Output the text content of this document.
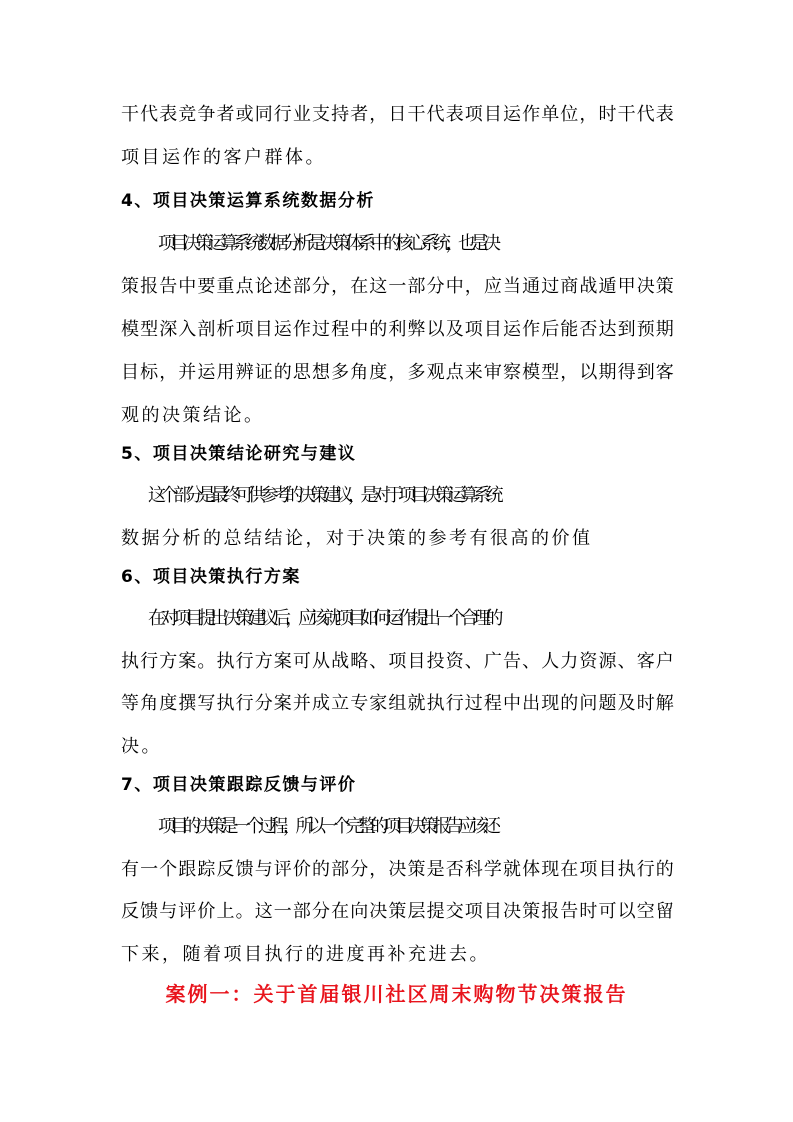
干代表竞争者或同行业支持者，日干代表项目运作单位，时干代表
项目运作的客户群体。
4、项目决策运算系统数据分析
项目决策运算系统数据分析是决策体系中的核心系统，也是决
策报告中要重点论述部分，在这一部分中，应当通过商战遁甲决策
模型深入剖析项目运作过程中的利弊以及项目运作后能否达到预期
目标，并运用辨证的思想多角度，多观点来审察模型，以期得到客
观的决策结论。
5、项目决策结论研究与建议
这个部分是最终可供参考的决策建议，是对于项目决策运算系统
数据分析的总结结论，对于决策的参考有很高的价值
6、项目决策执行方案
在对项目提出决策建议后，应该就项目如何运作提出一个合理的
执行方案。执行方案可从战略、项目投资、广告、人力资源、客户
等角度撰写执行分案并成立专家组就执行过程中出现的问题及时解
决。
7、项目决策跟踪反馈与评价
项目的决策是一个过程，所以一个完整的项目决策报告应该还
有一个跟踪反馈与评价的部分，决策是否科学就体现在项目执行的
反馈与评价上。这一部分在向决策层提交项目决策报告时可以空留
下来，随着项目执行的进度再补充进去。
案例一：关于首届银川社区周末购物节决策报告
